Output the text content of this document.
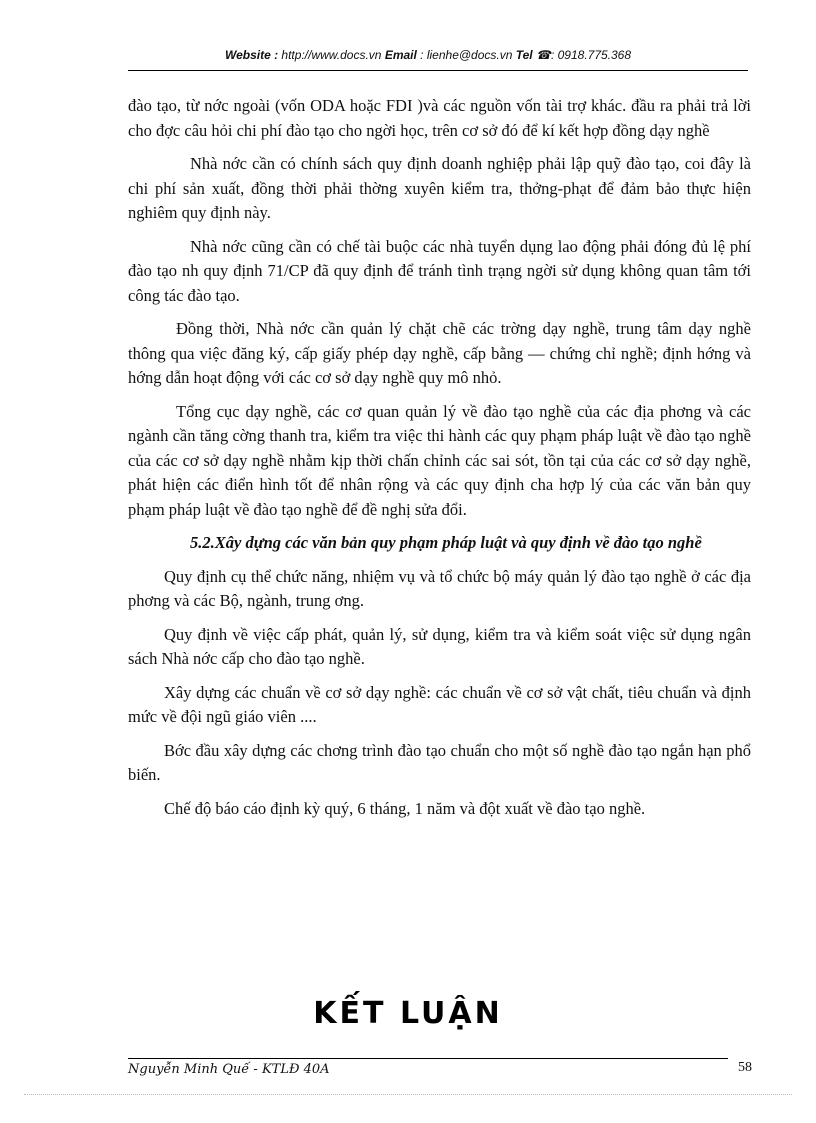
Website : http://www.docs.vn Email : lienhe@docs.vn Tel ☎: 0918.775.368

đào tạo, từ nớc ngoài (vốn ODA hoặc FDI )và các nguồn vốn tài trợ khác. đầu ra phải trả lời cho đợc câu hỏi chi phí đào tạo cho ngời học, trên cơ sở đó để kí kết hợp đồng dạy nghề

Nhà nớc cần có chính sách quy định doanh nghiệp phải lập quỹ đào tạo, coi đây là chi phí sản xuất, đồng thời phải thờng xuyên kiểm tra, thởng-phạt để đảm bảo thực hiện nghiêm quy định này.

Nhà nớc cũng cần có chế tài buộc các nhà tuyển dụng lao động phải đóng đủ lệ phí đào tạo nh quy định 71/CP đã quy định để tránh tình trạng ngời sử dụng không quan tâm tới công tác đào tạo.

Đồng thời, Nhà nớc cần quản lý chặt chẽ các trờng dạy nghề, trung tâm dạy nghề thông qua việc đăng ký, cấp giấy phép dạy nghề, cấp bằng — chứng chỉ nghề; định hớng và hớng dẫn hoạt động với các cơ sở dạy nghề quy mô nhỏ.

Tổng cục dạy nghề, các cơ quan quản lý về đào tạo nghề của các địa phơng và các ngành cần tăng cờng thanh tra, kiểm tra việc thi hành các quy phạm pháp luật về đào tạo nghề của các cơ sở dạy nghề nhằm kịp thời chấn chỉnh các sai sót, tồn tại của các cơ sở dạy nghề, phát hiện các điển hình tốt để nhân rộng và các quy định cha hợp lý của các văn bản quy phạm pháp luật về đào tạo nghề để đề nghị sửa đổi.

5.2.Xây dựng các văn bản quy phạm pháp luật và quy định về đào tạo nghề

Quy định cụ thể chức năng, nhiệm vụ và tổ chức bộ máy quản lý đào tạo nghề ở các địa phơng và các Bộ, ngành, trung ơng.

Quy định về việc cấp phát, quản lý, sử dụng, kiểm tra và kiểm soát việc sử dụng ngân sách Nhà nớc cấp cho đào tạo nghề.

Xây dựng các chuẩn về cơ sở dạy nghề: các chuẩn về cơ sở vật chất, tiêu chuẩn và định mức về đội ngũ giáo viên ....

Bớc đầu xây dựng các chơng trình đào tạo chuẩn cho một số nghề đào tạo ngắn hạn phổ biến.

Chế độ báo cáo định kỳ quý, 6 tháng, 1 năm và đột xuất về đào tạo nghề.

KẾT LUẬN
Nguyễn Minh Quế - KTLĐ 40A	58
